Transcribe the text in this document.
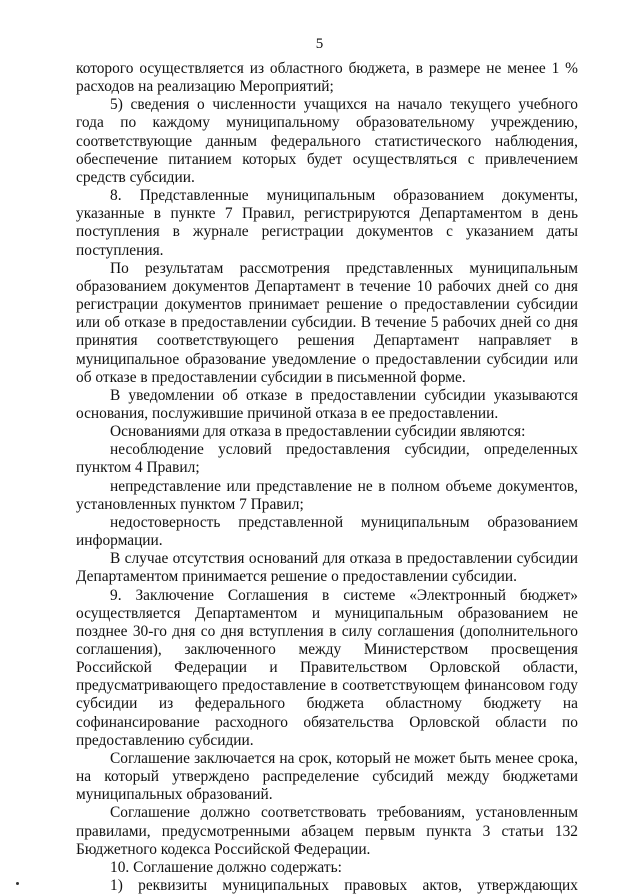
5

которого осуществляется из областного бюджета, в размере не менее 1 % расходов на реализацию Мероприятий;

5) сведения о численности учащихся на начало текущего учебного года по каждому муниципальному образовательному учреждению, соответствующие данным федерального статистического наблюдения, обеспечение питанием которых будет осуществляться с привлечением средств субсидии.

8. Представленные муниципальным образованием документы, указанные в пункте 7 Правил, регистрируются Департаментом в день поступления в журнале регистрации документов с указанием даты поступления.

По результатам рассмотрения представленных муниципальным образованием документов Департамент в течение 10 рабочих дней со дня регистрации документов принимает решение о предоставлении субсидии или об отказе в предоставлении субсидии. В течение 5 рабочих дней со дня принятия соответствующего решения Департамент направляет в муниципальное образование уведомление о предоставлении субсидии или об отказе в предоставлении субсидии в письменной форме.

В уведомлении об отказе в предоставлении субсидии указываются основания, послужившие причиной отказа в ее предоставлении.

Основаниями для отказа в предоставлении субсидии являются:

несоблюдение условий предоставления субсидии, определенных пунктом 4 Правил;

непредставление или представление не в полном объеме документов, установленных пунктом 7 Правил;

недостоверность представленной муниципальным образованием информации.

В случае отсутствия оснований для отказа в предоставлении субсидии Департаментом принимается решение о предоставлении субсидии.

9. Заключение Соглашения в системе «Электронный бюджет» осуществляется Департаментом и муниципальным образованием не позднее 30-го дня со дня вступления в силу соглашения (дополнительного соглашения), заключенного между Министерством просвещения Российской Федерации и Правительством Орловской области, предусматривающего предоставление в соответствующем финансовом году субсидии из федерального бюджета областному бюджету на софинансирование расходного обязательства Орловской области по предоставлению субсидии.

Соглашение заключается на срок, который не может быть менее срока, на который утверждено распределение субсидий между бюджетами муниципальных образований.

Соглашение должно соответствовать требованиям, установленным правилами, предусмотренными абзацем первым пункта 3 статьи 132 Бюджетного кодекса Российской Федерации.

10. Соглашение должно содержать:

1) реквизиты муниципальных правовых актов, утверждающих
